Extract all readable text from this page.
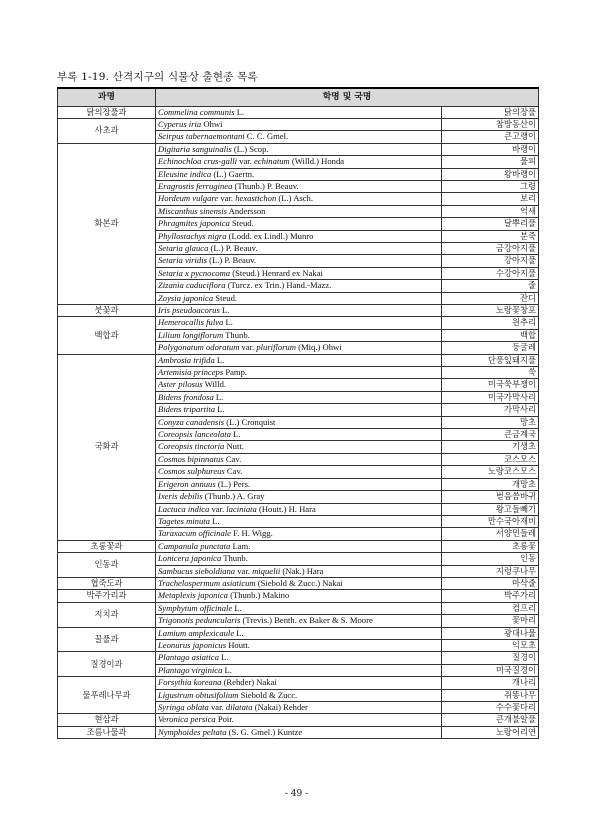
부록 1-19. 산격지구의 식물상 출현종 목록
과명	학명 및 국명	
닭의장풀과	Commelina communis L.	닭의장풀
사초과	Cyperus iria Ohwi	참방동산이
	Scirpus tabernaemontani C. C. Gmel.	큰고랭이
화본과	Digitaria sanguinalis (L.) Scop.	바랭이
	Echinochloa crus-galli var. echinatum (Willd.) Honda	물피
	Eleusine indica (L.) Gaertn.	왕바랭이
	Eragrostis ferruginea (Thunb.) P. Beauv.	그령
	Hordeum vulgare var. hexastichon (L.) Asch.	보리
	Miscanthus sinensis Andersson	억새
	Phragmites japonica Steud.	달뿌리풀
	Phyllostachys nigra (Lodd. ex Lindl.) Munro	분죽
	Setaria glauca (L.) P. Beauv.	금강아지풀
	Setaria viridis (L.) P. Beauv.	강아지풀
	Setaria x pycnocoma (Steud.) Henrard ex Nakai	수강아지풀
	Zizania caduciflora (Turcz. ex Trin.) Hand.-Mazz.	줄
	Zoysia japonica Steud.	잔디
붓꽃과	Iris pseudoacorus L.	노랑꽃창포
백합과	Hemerocallis fulva L.	원추리
	Lilium longiflorum Thunb.	백합
	Polygonatum odoratum var. pluriflorum (Miq.) Ohwi	둥굴레
국화과	Ambrosia trifida L.	단풍잎돼지풀
	Artemisia princeps Pamp.	쑥
	Aster pilosus Willd.	미국쑥부쟁이
	Bidens frondosa L.	미국가막사리
	Bidens tripartita L.	가막사리
	Conyza canadensis (L.) Cronquist	망초
	Coreopsis lanceolata L.	큰금계국
	Coreopsis tinctoria Nutt.	기생초
	Cosmos bipinnatus Cav.	코스모스
	Cosmos sulphureus Cav.	노랑코스모스
	Erigeron annuus (L.) Pers.	개망초
	Ixeris debilis (Thunb.) A. Gray	벋음씀바귀
	Lactuca indica var. laciniata (Houtt.) H. Hara	왕고들빼기
	Tagetes minuta L.	만수국아재비
	Taraxacum officinale F. H. Wigg.	서양민들레
초롱꽃과	Campanula punctata Lam.	초롱꽃
인동과	Lonicera japonica Thunb.	인동
	Sambucus sieboldiana var. miquelii (Nak.) Hara	지렁쿠나무
협죽도과	Trachelospermum asiaticum (Siebold & Zucc.) Nakai	마삭줄
박주가리과	Metaplexis japonica (Thunb.) Makino	박주가리
지치과	Symphytum officinale L.	컴프리
	Trigonotis peduncularis (Trevis.) Benth. ex Baker & S. Moore	꽃마리
꿀풀과	Lamium amplexicaule L.	광대나물
	Leonurus japonicus Houtt.	익모초
질경이과	Plantago asiatica L.	질경이
	Plantago virginica L.	미국질경이
물푸레나무과	Forsythia koreana (Rehder) Nakai	개나리
	Ligustrum obtusifolium Siebold & Zucc.	쥐똥나무
	Syringa oblata var. dilatata (Nakai) Rehder	수수꽃다리
현삼과	Veronica persica Poir.	큰개불알풀
조름나물과	Nymphoides peltata (S. G. Gmel.) Kuntze	노랑어리연
- 49 -
